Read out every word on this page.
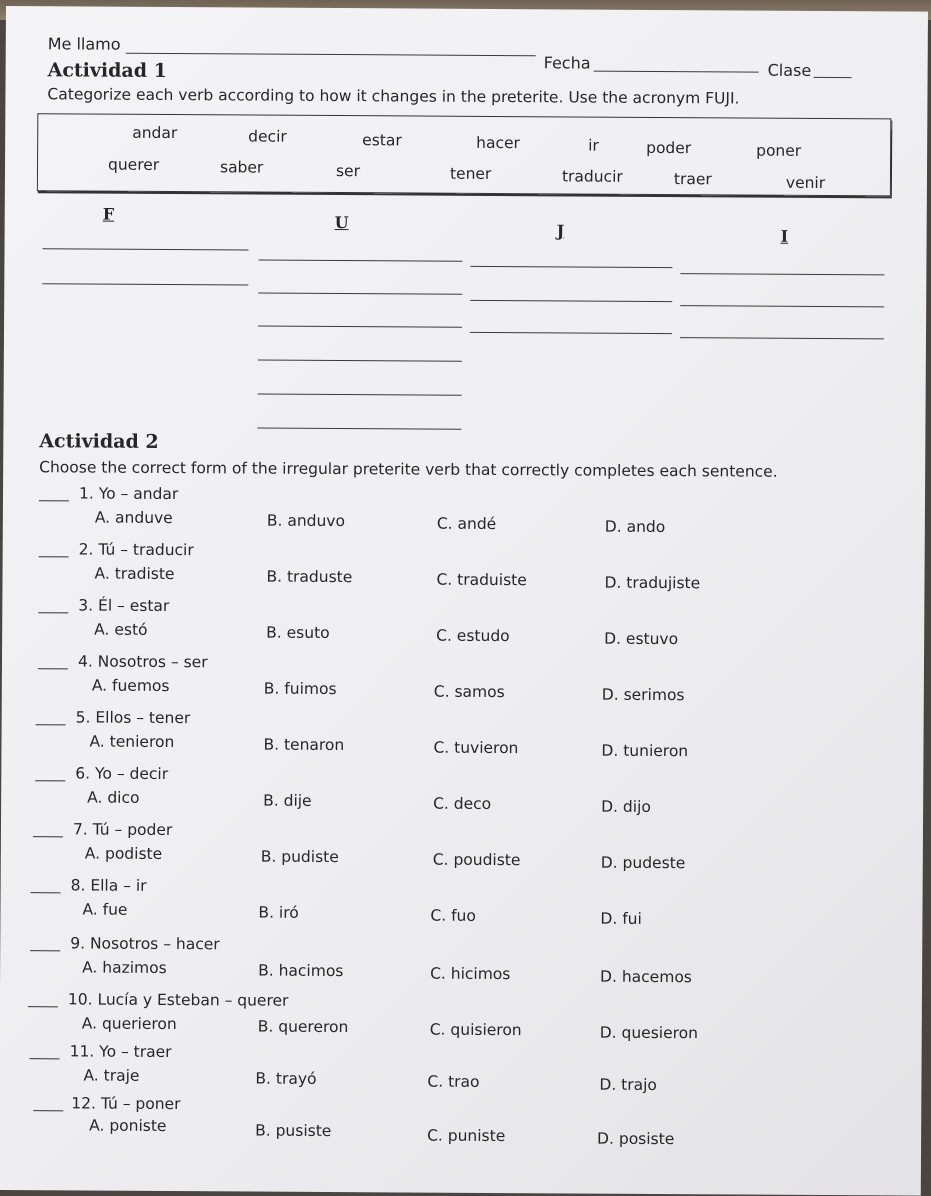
Me llamo
Fecha	Clase
Actividad 1
Categorize each verb according to how it changes in the preterite. Use the acronym FUJI.
andar	decir	estar	hacer	ir	poder	poner
querer	saber	ser	tener	traducir	traer	venir
F	U	J	I
Actividad 2
Choose the correct form of the irregular preterite verb that correctly completes each sentence.
1. Yo – andar
A. anduve	B. anduvo	C. andé	D. ando
2. Tú – traducir
A. tradiste	B. traduste	C. traduiste	D. tradujiste
3. Él – estar
A. estó	B. esuto	C. estudo	D. estuvo
4. Nosotros – ser
A. fuemos	B. fuimos	C. samos	D. serimos
5. Ellos – tener
A. tenieron	B. tenaron	C. tuvieron	D. tunieron
6. Yo – decir
A. dico	B. dije	C. deco	D. dijo
7. Tú – poder
A. podiste	B. pudiste	C. poudiste	D. pudeste
8. Ella – ir
A. fue	B. iró	C. fuo	D. fui
9. Nosotros – hacer
A. hazimos	B. hacimos	C. hicimos	D. hacemos
10. Lucía y Esteban – querer
A. querieron	B. quereron	C. quisieron	D. quesieron
11. Yo – traer
A. traje	B. trayó	C. trao	D. trajo
12. Tú – poner
A. poniste	B. pusiste	C. puniste	D. posiste
